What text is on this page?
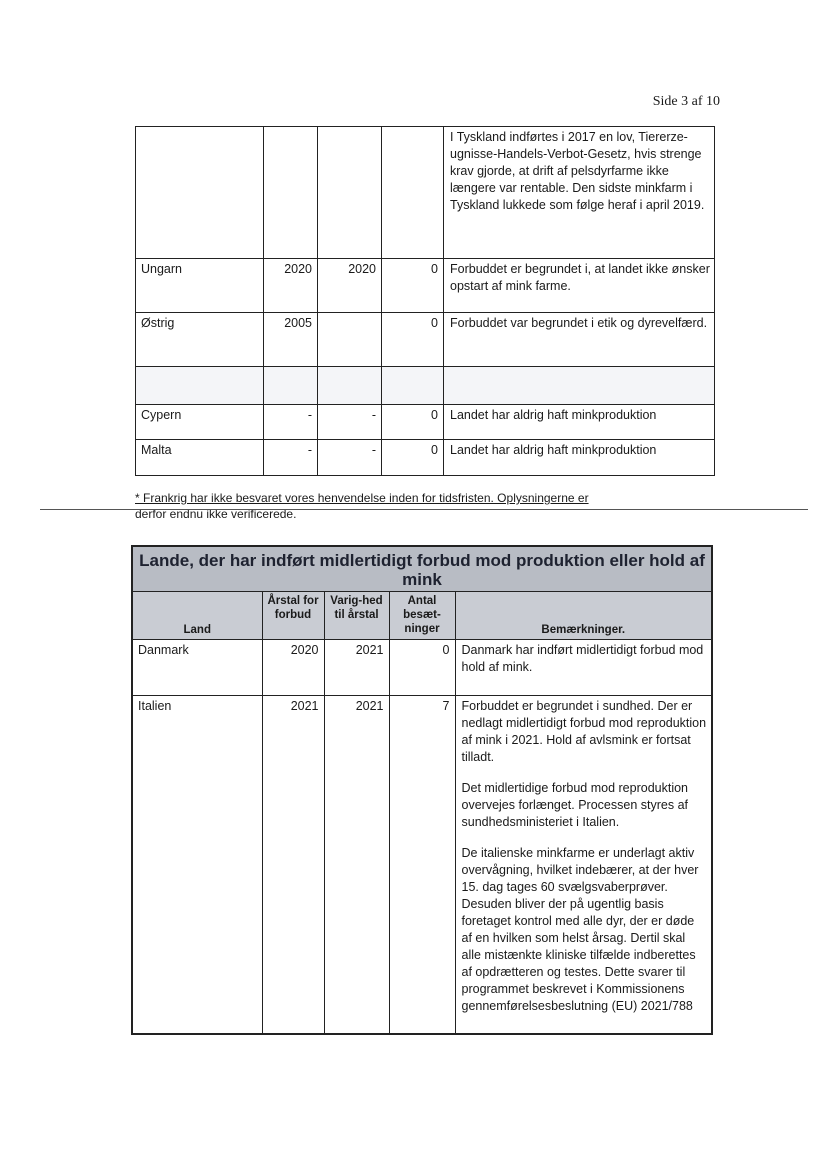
Side 3 af 10
				I Tyskland indførtes i 2017 en lov, Tiererze-ugnisse-Handels-Verbot-Gesetz, hvis strenge krav gjorde, at drift af pelsdyrfarme ikke længere var rentable. Den sidste minkfarm i Tyskland lukkede som følge heraf i april 2019.
Ungarn	2020	2020	0	Forbuddet er begrundet i, at landet ikke ønsker opstart af mink farme.
Østrig	2005		0	Forbuddet var begrundet i etik og dyrevelfærd.

Cypern	-	-	0	Landet har aldrig haft minkproduktion
Malta	-	-	0	Landet har aldrig haft minkproduktion
* Frankrig har ikke besvaret vores henvendelse inden for tidsfristen. Oplysningerne er
derfor endnu ikke verificerede.
Lande, der har indført midlertidigt forbud mod produktion eller hold af mink				
Land	Årstal for forbud	Varig-hed til årstal	Antal besæt-ninger	Bemærkninger.
Danmark	2020	2021	0	Danmark har indført midlertidigt forbud mod hold af mink.

Italien	2021	2021	7	Forbuddet er begrundet i sundhed. Der er nedlagt midlertidigt forbud mod reproduktion af mink i 2021. Hold af avlsmink er fortsat tilladt.
Det midlertidige forbud mod reproduktion overvejes forlænget. Processen styres af sundhedsministeriet i Italien.
De italienske minkfarme er underlagt aktiv overvågning, hvilket indebærer, at der hver 15. dag tages 60 svælgsvaberprøver. Desuden bliver der på ugentlig basis foretaget kontrol med alle dyr, der er døde af en hvilken som helst årsag. Dertil skal alle mistænkte kliniske tilfælde indberettes af opdrætteren og testes. Dette svarer til programmet beskrevet i Kommissionens gennemførelsesbeslutning (EU) 2021/788
